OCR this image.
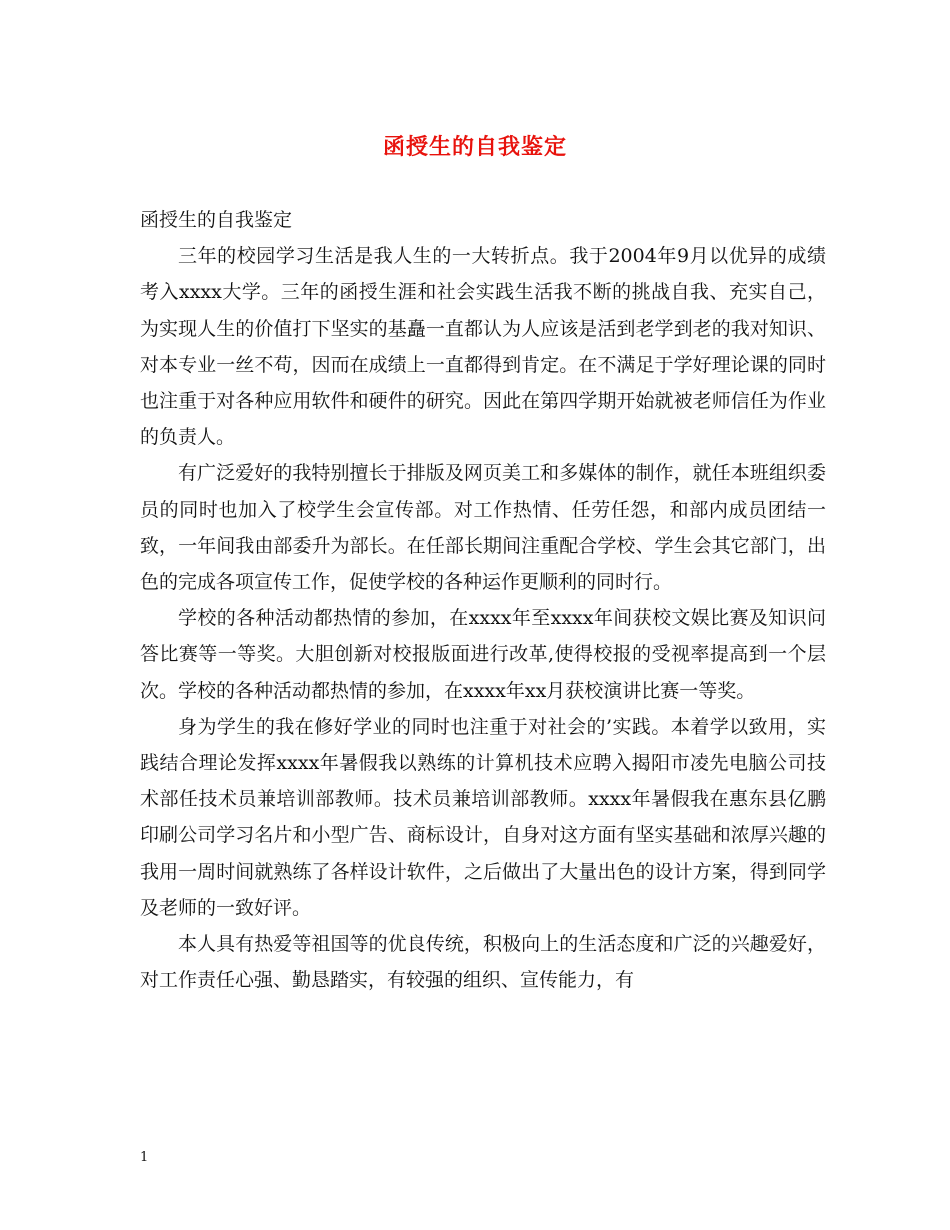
函授生的自我鉴定

函授生的自我鉴定

三年的校园学习生活是我人生的一大转折点。我于2004年9月以优异的成绩考入xxxx大学。三年的函授生涯和社会实践生活我不断的挑战自我、充实自己，为实现人生的价值打下坚实的基矗一直都认为人应该是活到老学到老的我对知识、对本专业一丝不苟，因而在成绩上一直都得到肯定。在不满足于学好理论课的同时也注重于对各种应用软件和硬件的研究。因此在第四学期开始就被老师信任为作业的负责人。

有广泛爱好的我特别擅长于排版及网页美工和多媒体的制作，就任本班组织委员的同时也加入了校学生会宣传部。对工作热情、任劳任怨，和部内成员团结一致，一年间我由部委升为部长。在任部长期间注重配合学校、学生会其它部门，出色的完成各项宣传工作，促使学校的各种运作更顺利的同时行。

学校的各种活动都热情的参加，在xxxx年至xxxx年间获校文娱比赛及知识问答比赛等一等奖。大胆创新对校报版面进行改革,使得校报的受视率提高到一个层次。学校的各种活动都热情的参加，在xxxx年xx月获校演讲比赛一等奖。

身为学生的我在修好学业的同时也注重于对社会的’实践。本着学以致用，实践结合理论发挥xxxx年暑假我以熟练的计算机技术应聘入揭阳市凌先电脑公司技术部任技术员兼培训部教师。技术员兼培训部教师。xxxx年暑假我在惠东县亿鹏印刷公司学习名片和小型广告、商标设计，自身对这方面有坚实基础和浓厚兴趣的我用一周时间就熟练了各样设计软件，之后做出了大量出色的设计方案，得到同学及老师的一致好评。

本人具有热爱等祖国等的优良传统，积极向上的生活态度和广泛的兴趣爱好，对工作责任心强、勤恳踏实，有较强的组织、宣传能力，有

1
